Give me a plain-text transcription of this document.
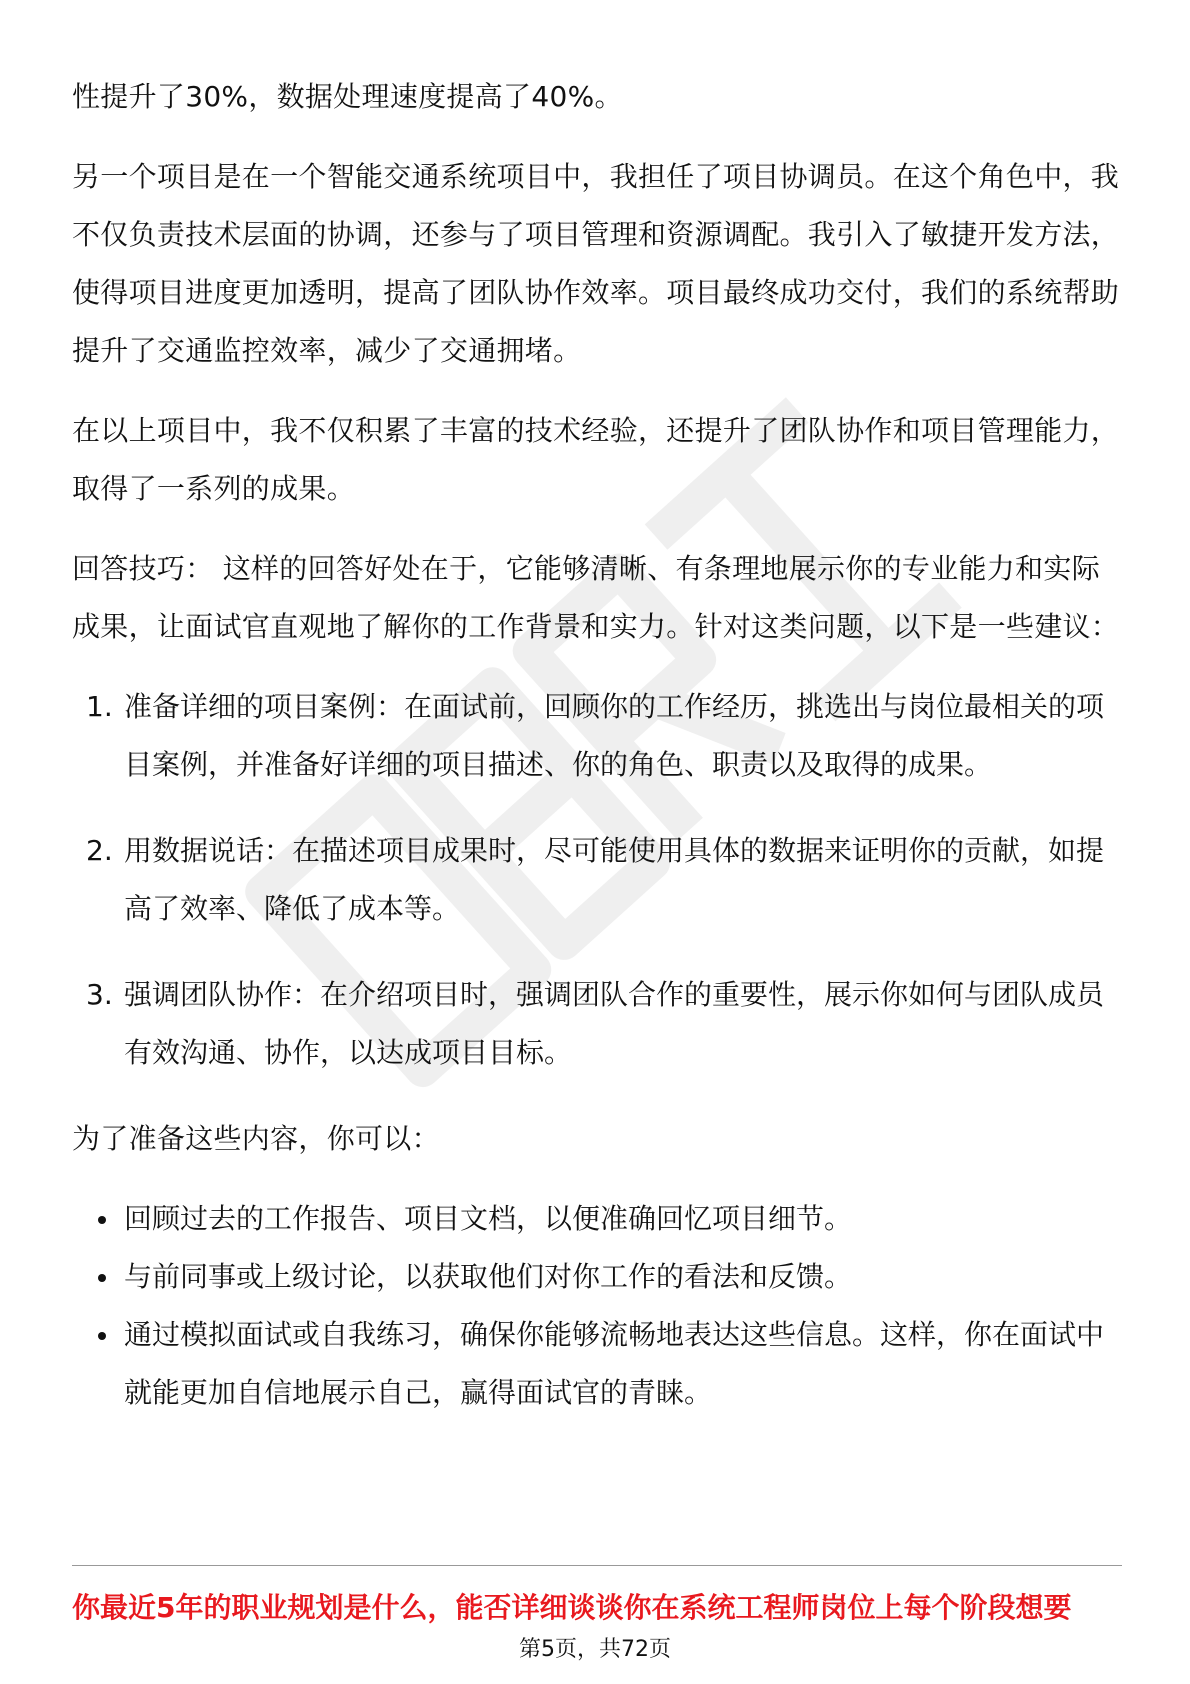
性提升了30%，数据处理速度提高了40%。

另一个项目是在一个智能交通系统项目中，我担任了项目协调员。在这个角色中，我不仅负责技术层面的协调，还参与了项目管理和资源调配。我引入了敏捷开发方法，使得项目进度更加透明，提高了团队协作效率。项目最终成功交付，我们的系统帮助提升了交通监控效率，减少了交通拥堵。

在以上项目中，我不仅积累了丰富的技术经验，还提升了团队协作和项目管理能力，取得了一系列的成果。

回答技巧： 这样的回答好处在于，它能够清晰、有条理地展示你的专业能力和实际成果，让面试官直观地了解你的工作背景和实力。针对这类问题，以下是一些建议：

1. 准备详细的项目案例：在面试前，回顾你的工作经历，挑选出与岗位最相关的项目案例，并准备好详细的项目描述、你的角色、职责以及取得的成果。
2. 用数据说话：在描述项目成果时，尽可能使用具体的数据来证明你的贡献，如提高了效率、降低了成本等。
3. 强调团队协作：在介绍项目时，强调团队合作的重要性，展示你如何与团队成员有效沟通、协作，以达成项目目标。

为了准备这些内容，你可以：

回顾过去的工作报告、项目文档，以便准确回忆项目细节。
与前同事或上级讨论，以获取他们对你工作的看法和反馈。
通过模拟面试或自我练习，确保你能够流畅地表达这些信息。这样，你在面试中就能更加自信地展示自己，赢得面试官的青睐。
你最近5年的职业规划是什么，能否详细谈谈你在系统工程师岗位上每个阶段想要
第5页，共72页
